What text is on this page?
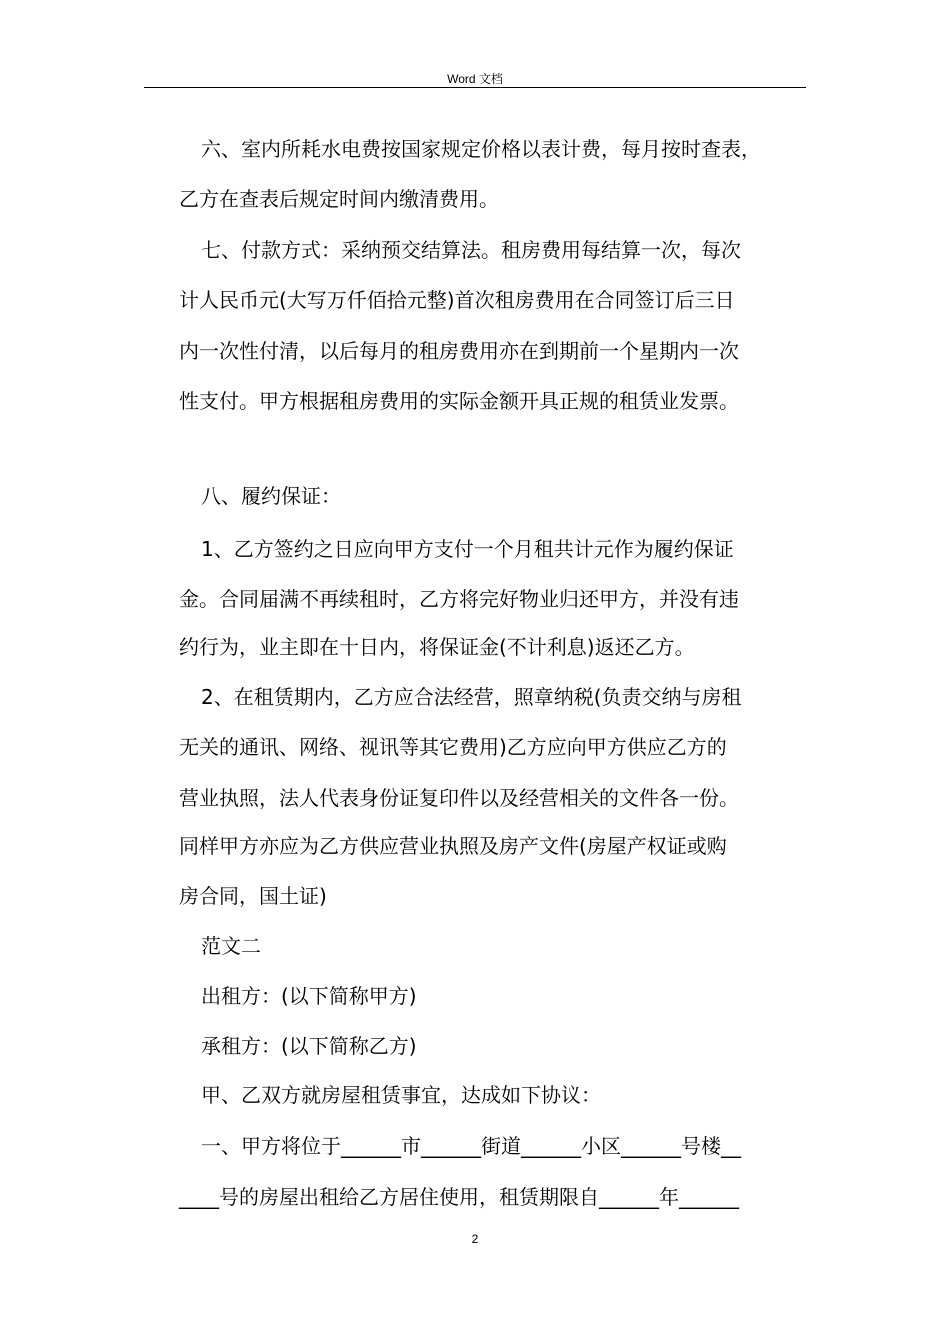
Word 文档
六、室内所耗水电费按国家规定价格以表计费，每月按时查表，
乙方在查表后规定时间内缴清费用。
七、付款方式：采纳预交结算法。租房费用每结算一次，每次
计人民币元(大写万仟佰拾元整)首次租房费用在合同签订后三日
内一次性付清，以后每月的租房费用亦在到期前一个星期内一次
性支付。甲方根据租房费用的实际金额开具正规的租赁业发票。
八、履约保证：
1、乙方签约之日应向甲方支付一个月租共计元作为履约保证
金。合同届满不再续租时，乙方将完好物业归还甲方，并没有违
约行为，业主即在十日内，将保证金(不计利息)返还乙方。
2、在租赁期内，乙方应合法经营，照章纳税(负责交纳与房租
无关的通讯、网络、视讯等其它费用)乙方应向甲方供应乙方的
营业执照，法人代表身份证复印件以及经营相关的文件各一份。
同样甲方亦应为乙方供应营业执照及房产文件(房屋产权证或购
房合同，国土证)
范文二
出租方：(以下简称甲方)
承租方：(以下简称乙方)
甲、乙双方就房屋租赁事宜，达成如下协议：
一、甲方将位于______市______街道______小区______号楼__
____号的房屋出租给乙方居住使用，租赁期限自______年______
2
